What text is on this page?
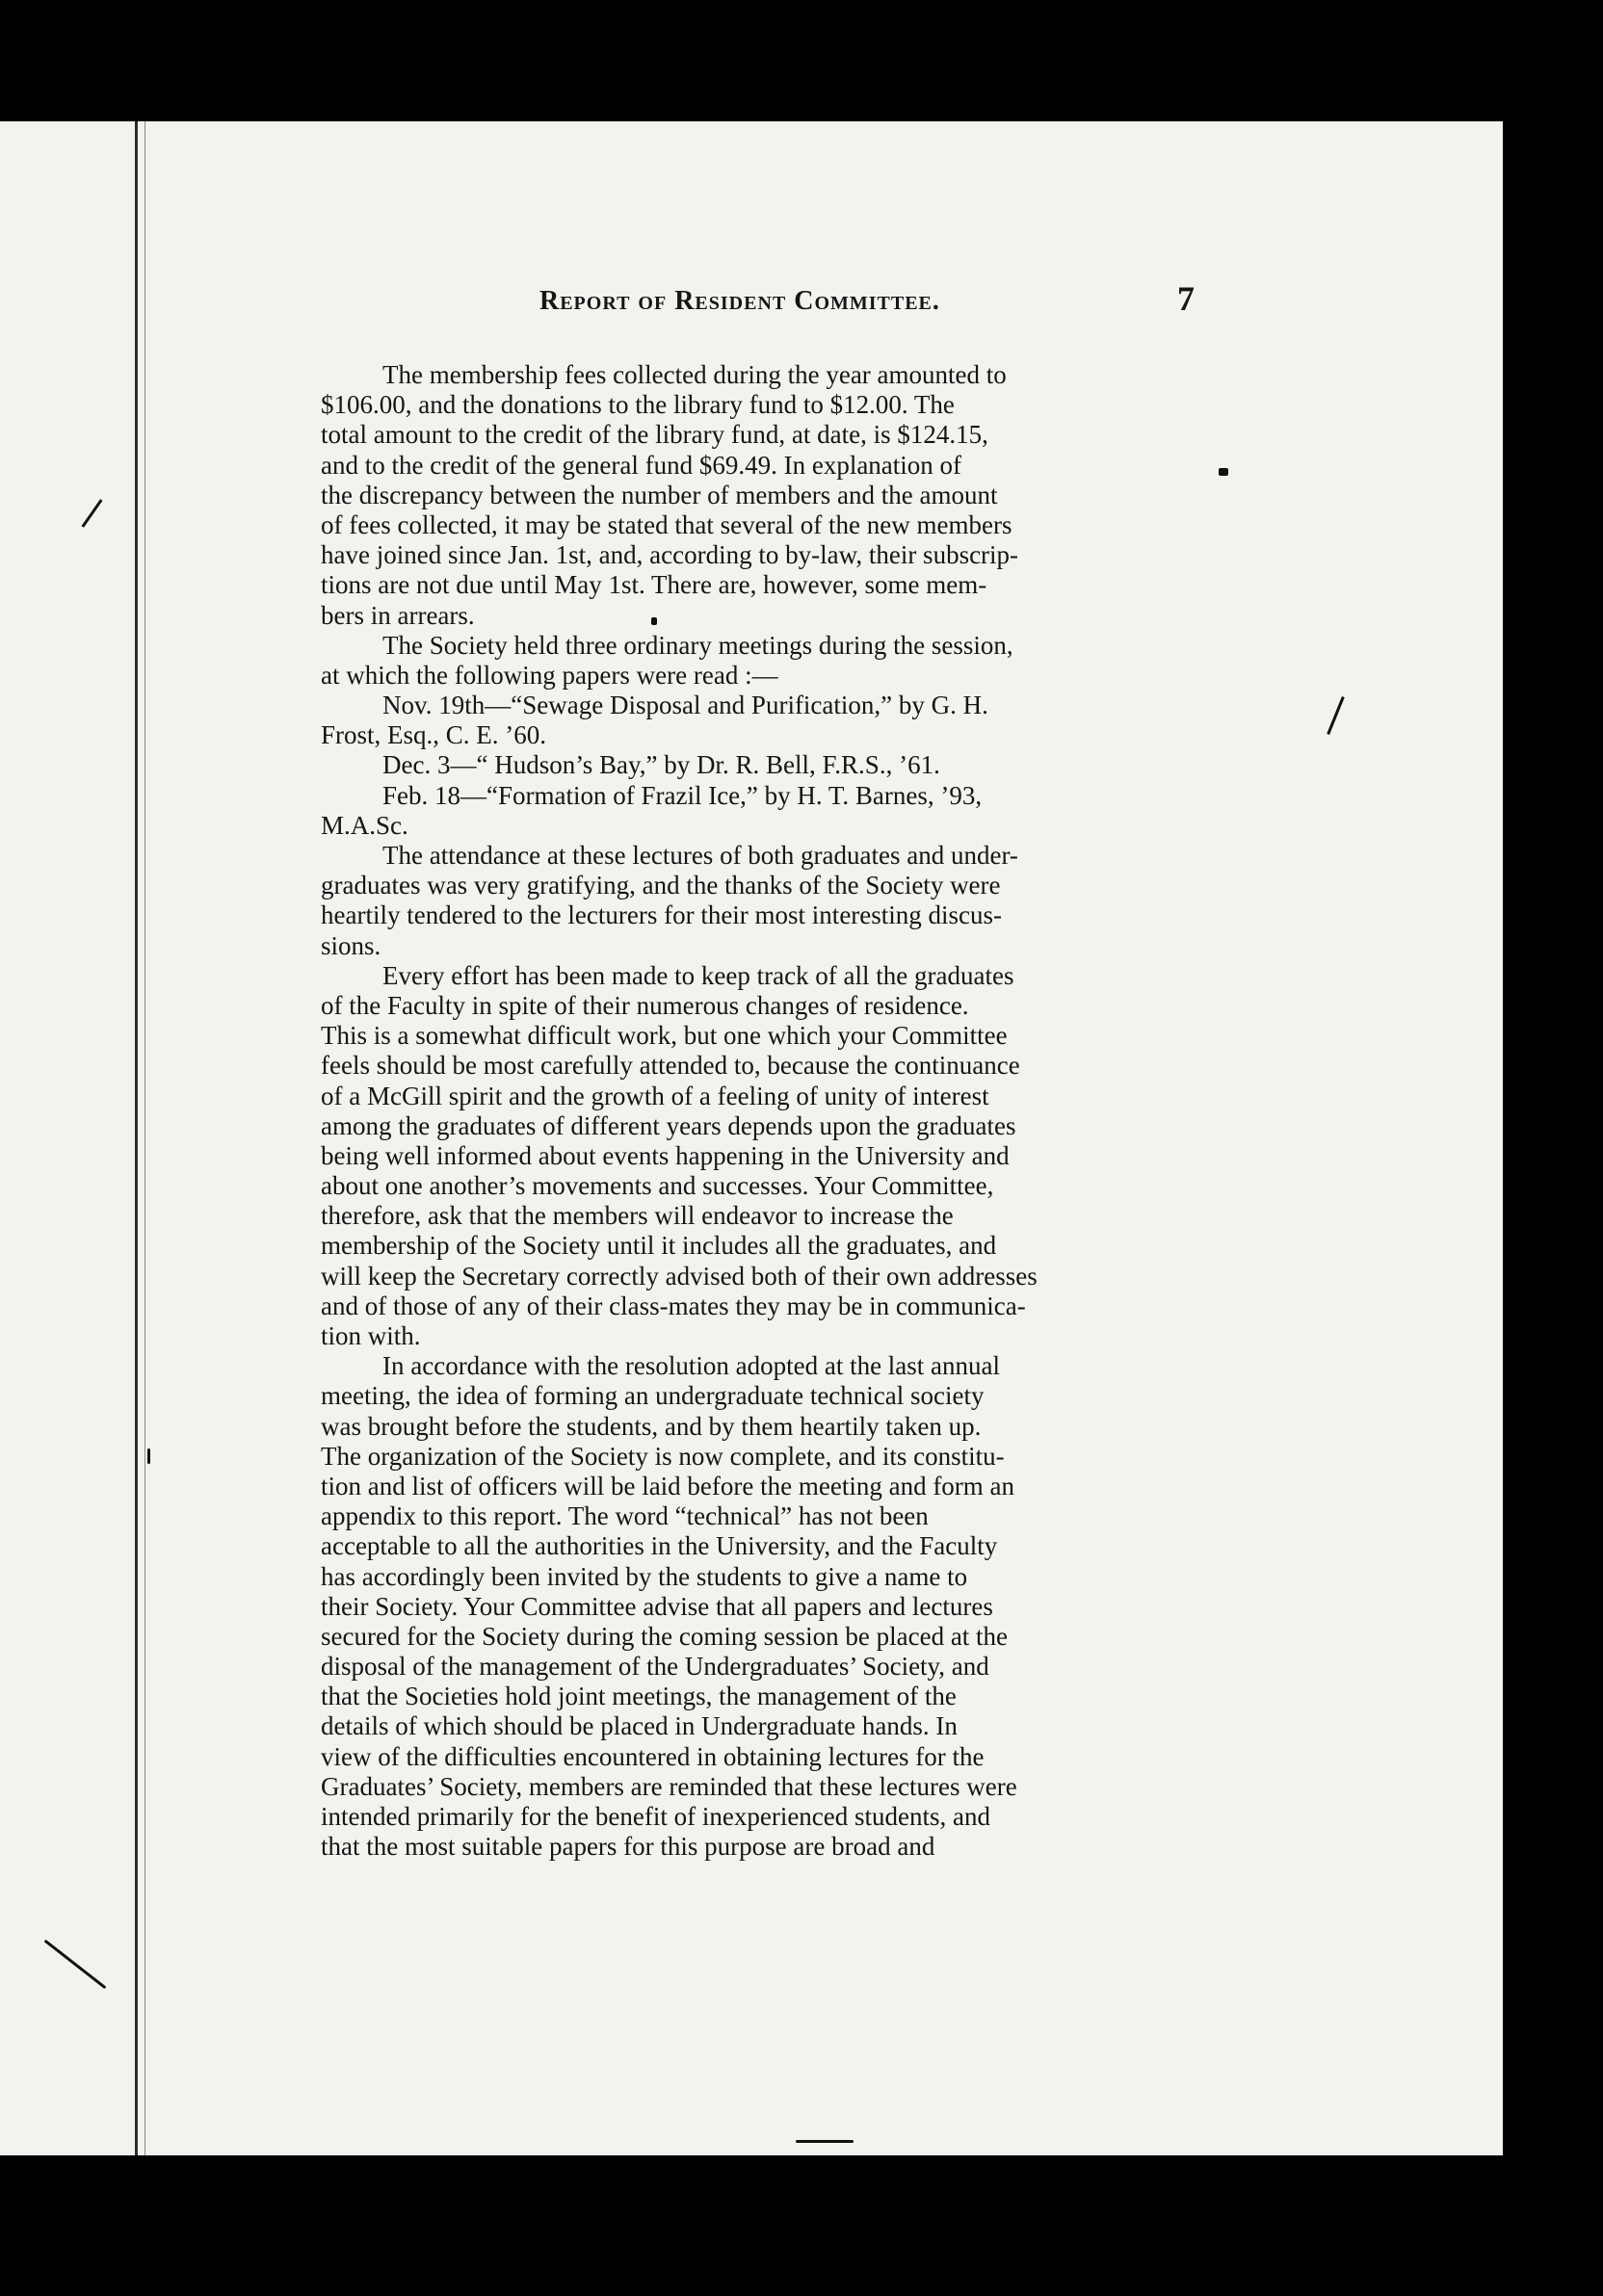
Report of Resident Committee.	7
The membership fees collected during the year amounted to
$106.00, and the donations to the library fund to $12.00. The
total amount to the credit of the library fund, at date, is $124.15,
and to the credit of the general fund $69.49. In explanation of
the discrepancy between the number of members and the amount
of fees collected, it may be stated that several of the new members
have joined since Jan. 1st, and, according to by-law, their subscrip-
tions are not due until May 1st. There are, however, some mem-
bers in arrears.
The Society held three ordinary meetings during the session,
at which the following papers were read :—
Nov. 19th—“Sewage Disposal and Purification,” by G. H.
Frost, Esq., C. E. ’60.
Dec. 3—“ Hudson’s Bay,” by Dr. R. Bell, F.R.S., ’61.
Feb. 18—“Formation of Frazil Ice,” by H. T. Barnes, ’93,
M.A.Sc.
The attendance at these lectures of both graduates and under-
graduates was very gratifying, and the thanks of the Society were
heartily tendered to the lecturers for their most interesting discus-
sions.
Every effort has been made to keep track of all the graduates
of the Faculty in spite of their numerous changes of residence.
This is a somewhat difficult work, but one which your Committee
feels should be most carefully attended to, because the continuance
of a McGill spirit and the growth of a feeling of unity of interest
among the graduates of different years depends upon the graduates
being well informed about events happening in the University and
about one another’s movements and successes. Your Committee,
therefore, ask that the members will endeavor to increase the
membership of the Society until it includes all the graduates, and
will keep the Secretary correctly advised both of their own addresses
and of those of any of their class-mates they may be in communica-
tion with.
In accordance with the resolution adopted at the last annual
meeting, the idea of forming an undergraduate technical society
was brought before the students, and by them heartily taken up.
The organization of the Society is now complete, and its constitu-
tion and list of officers will be laid before the meeting and form an
appendix to this report. The word “technical” has not been
acceptable to all the authorities in the University, and the Faculty
has accordingly been invited by the students to give a name to
their Society. Your Committee advise that all papers and lectures
secured for the Society during the coming session be placed at the
disposal of the management of the Undergraduates’ Society, and
that the Societies hold joint meetings, the management of the
details of which should be placed in Undergraduate hands. In
view of the difficulties encountered in obtaining lectures for the
Graduates’ Society, members are reminded that these lectures were
intended primarily for the benefit of inexperienced students, and
that the most suitable papers for this purpose are broad and
